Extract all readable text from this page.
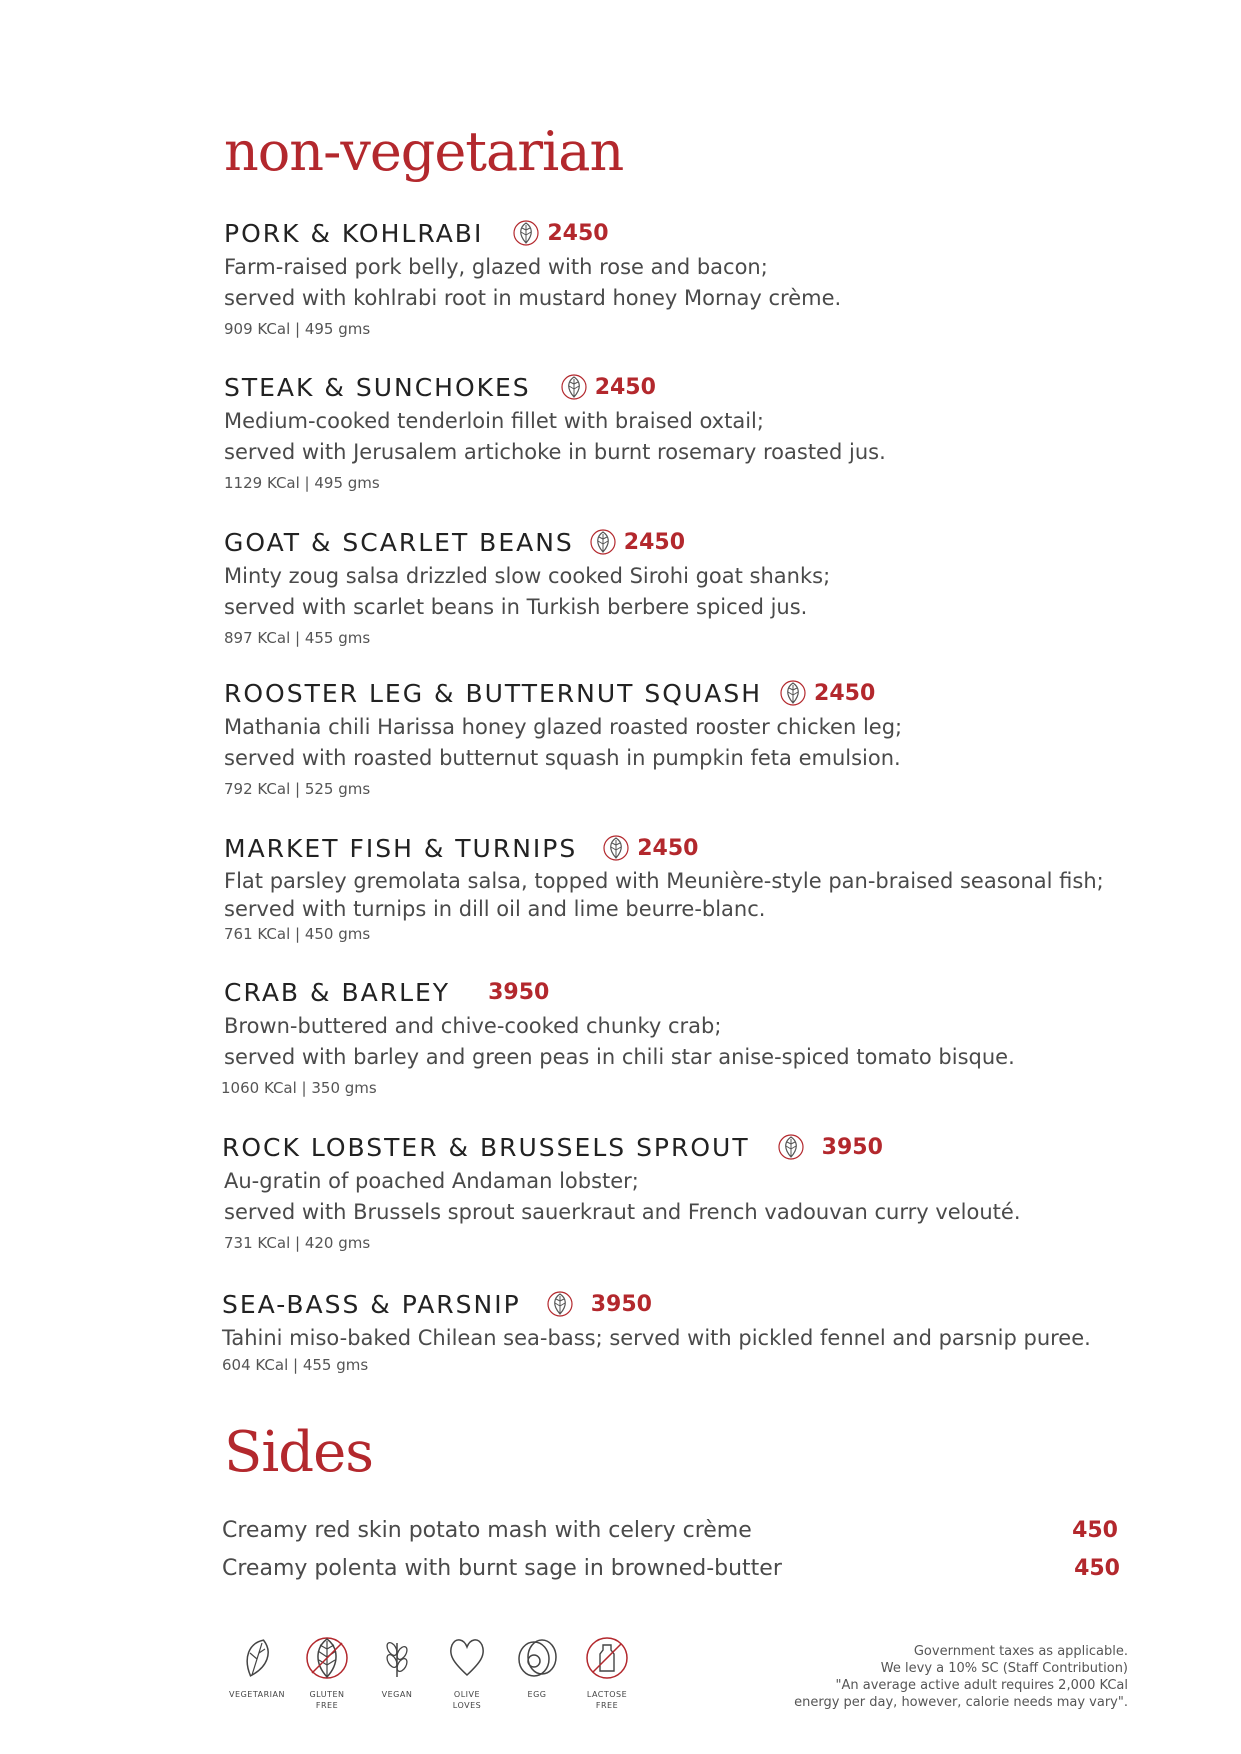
non-vegetarian
PORK & KOHLRABI	2450
Farm-raised pork belly, glazed with rose and bacon;
served with kohlrabi root in mustard honey Mornay crème.
909 KCal | 495 gms
STEAK & SUNCHOKES	2450
Medium-cooked tenderloin fillet with braised oxtail;
served with Jerusalem artichoke in burnt rosemary roasted jus.
1129 KCal | 495 gms
GOAT & SCARLET BEANS 2450
Minty zoug salsa drizzled slow cooked Sirohi goat shanks;
served with scarlet beans in Turkish berbere spiced jus.
897 KCal | 455 gms
ROOSTER LEG & BUTTERNUT SQUASH 2450
Mathania chili Harissa honey glazed roasted rooster chicken leg;
served with roasted butternut squash in pumpkin feta emulsion.
792 KCal | 525 gms
MARKET FISH & TURNIPS	2450
Flat parsley gremolata salsa, topped with Meunière-style pan-braised seasonal fish;
served with turnips in dill oil and lime beurre-blanc.
761 KCal | 450 gms
CRAB & BARLEY 3950
Brown-buttered and chive-cooked chunky crab;
served with barley and green peas in chili star anise-spiced tomato bisque.
1060 KCal | 350 gms
ROCK LOBSTER & BRUSSELS SPROUT	3950
Au-gratin of poached Andaman lobster;
served with Brussels sprout sauerkraut and French vadouvan curry velouté.
731 KCal | 420 gms
SEA-BASS & PARSNIP	3950
Tahini miso-baked Chilean sea-bass; served with pickled fennel and parsnip puree.
604 KCal | 455 gms
Sides
Creamy red skin potato mash with celery crème	450
Creamy polenta with burnt sage in browned-butter	450
VEGETARIAN	GLUTEN
FREE
VEGAN	OLIVE
LOVES
EGG	LACTOSE
FREE
Government taxes as applicable.
We levy a 10% SC (Staff Contribution)
"An average active adult requires 2,000 KCal
energy per day, however, calorie needs may vary".
